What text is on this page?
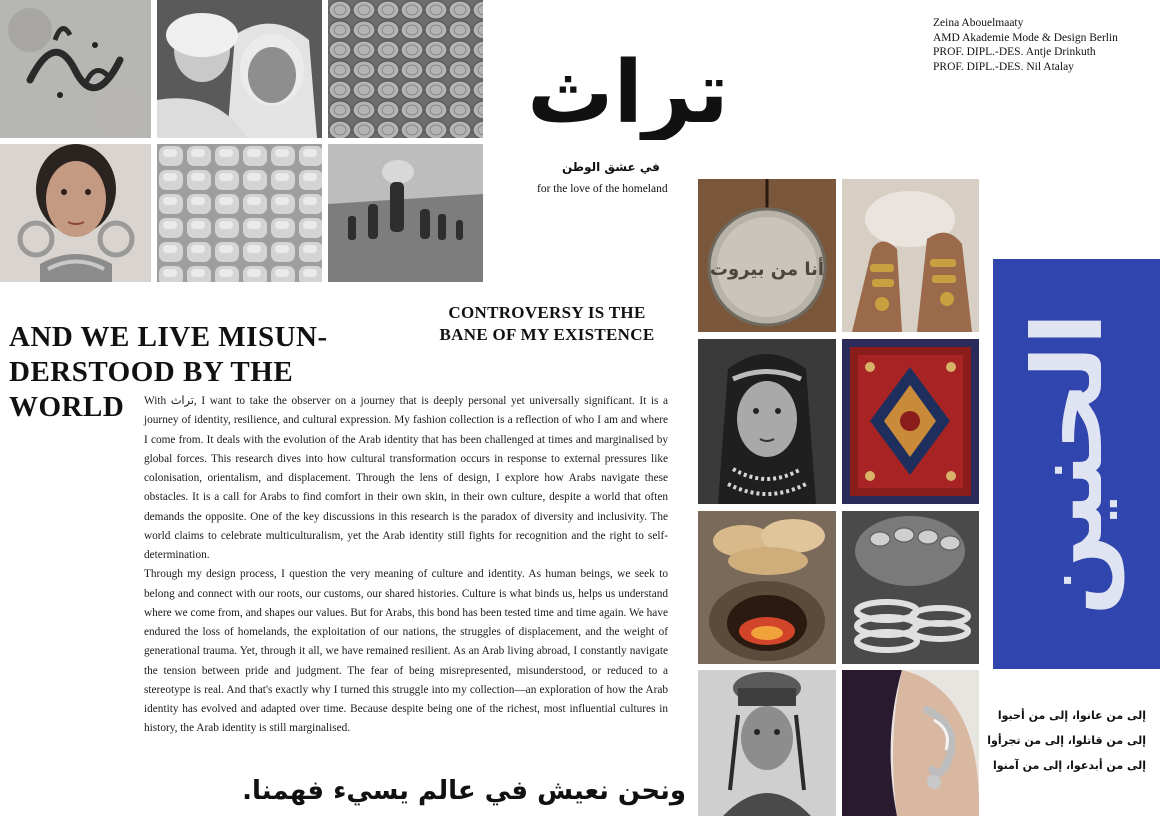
تراث
في عشق الوطن
for the love of the homeland
Zeina Abouelmaaty
AMD Akademie Mode & Design Berlin
PROF. DIPL.-DES. Antje Drinkuth
PROF. DIPL.-DES. Nil Atalay
CONTROVERSY IS THE
BANE OF MY EXISTENCE
AND WE LIVE MISUN-
DERSTOOD BY THE
WORLD	With تراث, I want to take the observer on a journey that is deeply personal yet universally significant. It is a journey of identity, resilience, and cultural expression. My fashion collection is a reflection of who I am and where I come from. It deals with the evolution of the Arab identity that has been challenged at times and marginalised by global forces. This research dives into how cultural transformation occurs in response to external pressures like colonisation, orientalism, and displacement. Through the lens of design, I explore how Arabs navigate these obstacles. It is a call for Arabs to find comfort in their own skin, in their own culture, despite a world that often demands the opposite. One of the key discussions in this research is the paradox of diversity and inclusivity. The world claims to celebrate multiculturalism, yet the Arab identity still fights for recognition and the right to self-determination.

Through my design process, I question the very meaning of culture and identity. As human beings, we seek to belong and connect with our roots, our customs, our shared histories. Culture is what binds us, helps us understand where we come from, and shapes our values. But for Arabs, this bond has been tested time and time again. We have endured the loss of homelands, the exploitation of our nations, the struggles of displacement, and the weight of generational trauma. Yet, through it all, we have remained resilient. As an Arab living abroad, I constantly navigate the tension between pride and judgment. The fear of being misrepresented, misunderstood, or reduced to a stereotype is real. And that's exactly why I turned this struggle into my collection—an exploration of how the Arab identity has evolved and adapted over time. Because despite being one of the richest, most influential cultures in history, the Arab identity is still marginalised.

ونحن نعيش في عالم يسيء فهمنا.
أنا من بيروت
الحنين
إلى من عانوا، إلى من أحبوا
إلى من قاتلوا، إلى من تجرأوا
إلى من أبدعوا، إلى من آمنوا
